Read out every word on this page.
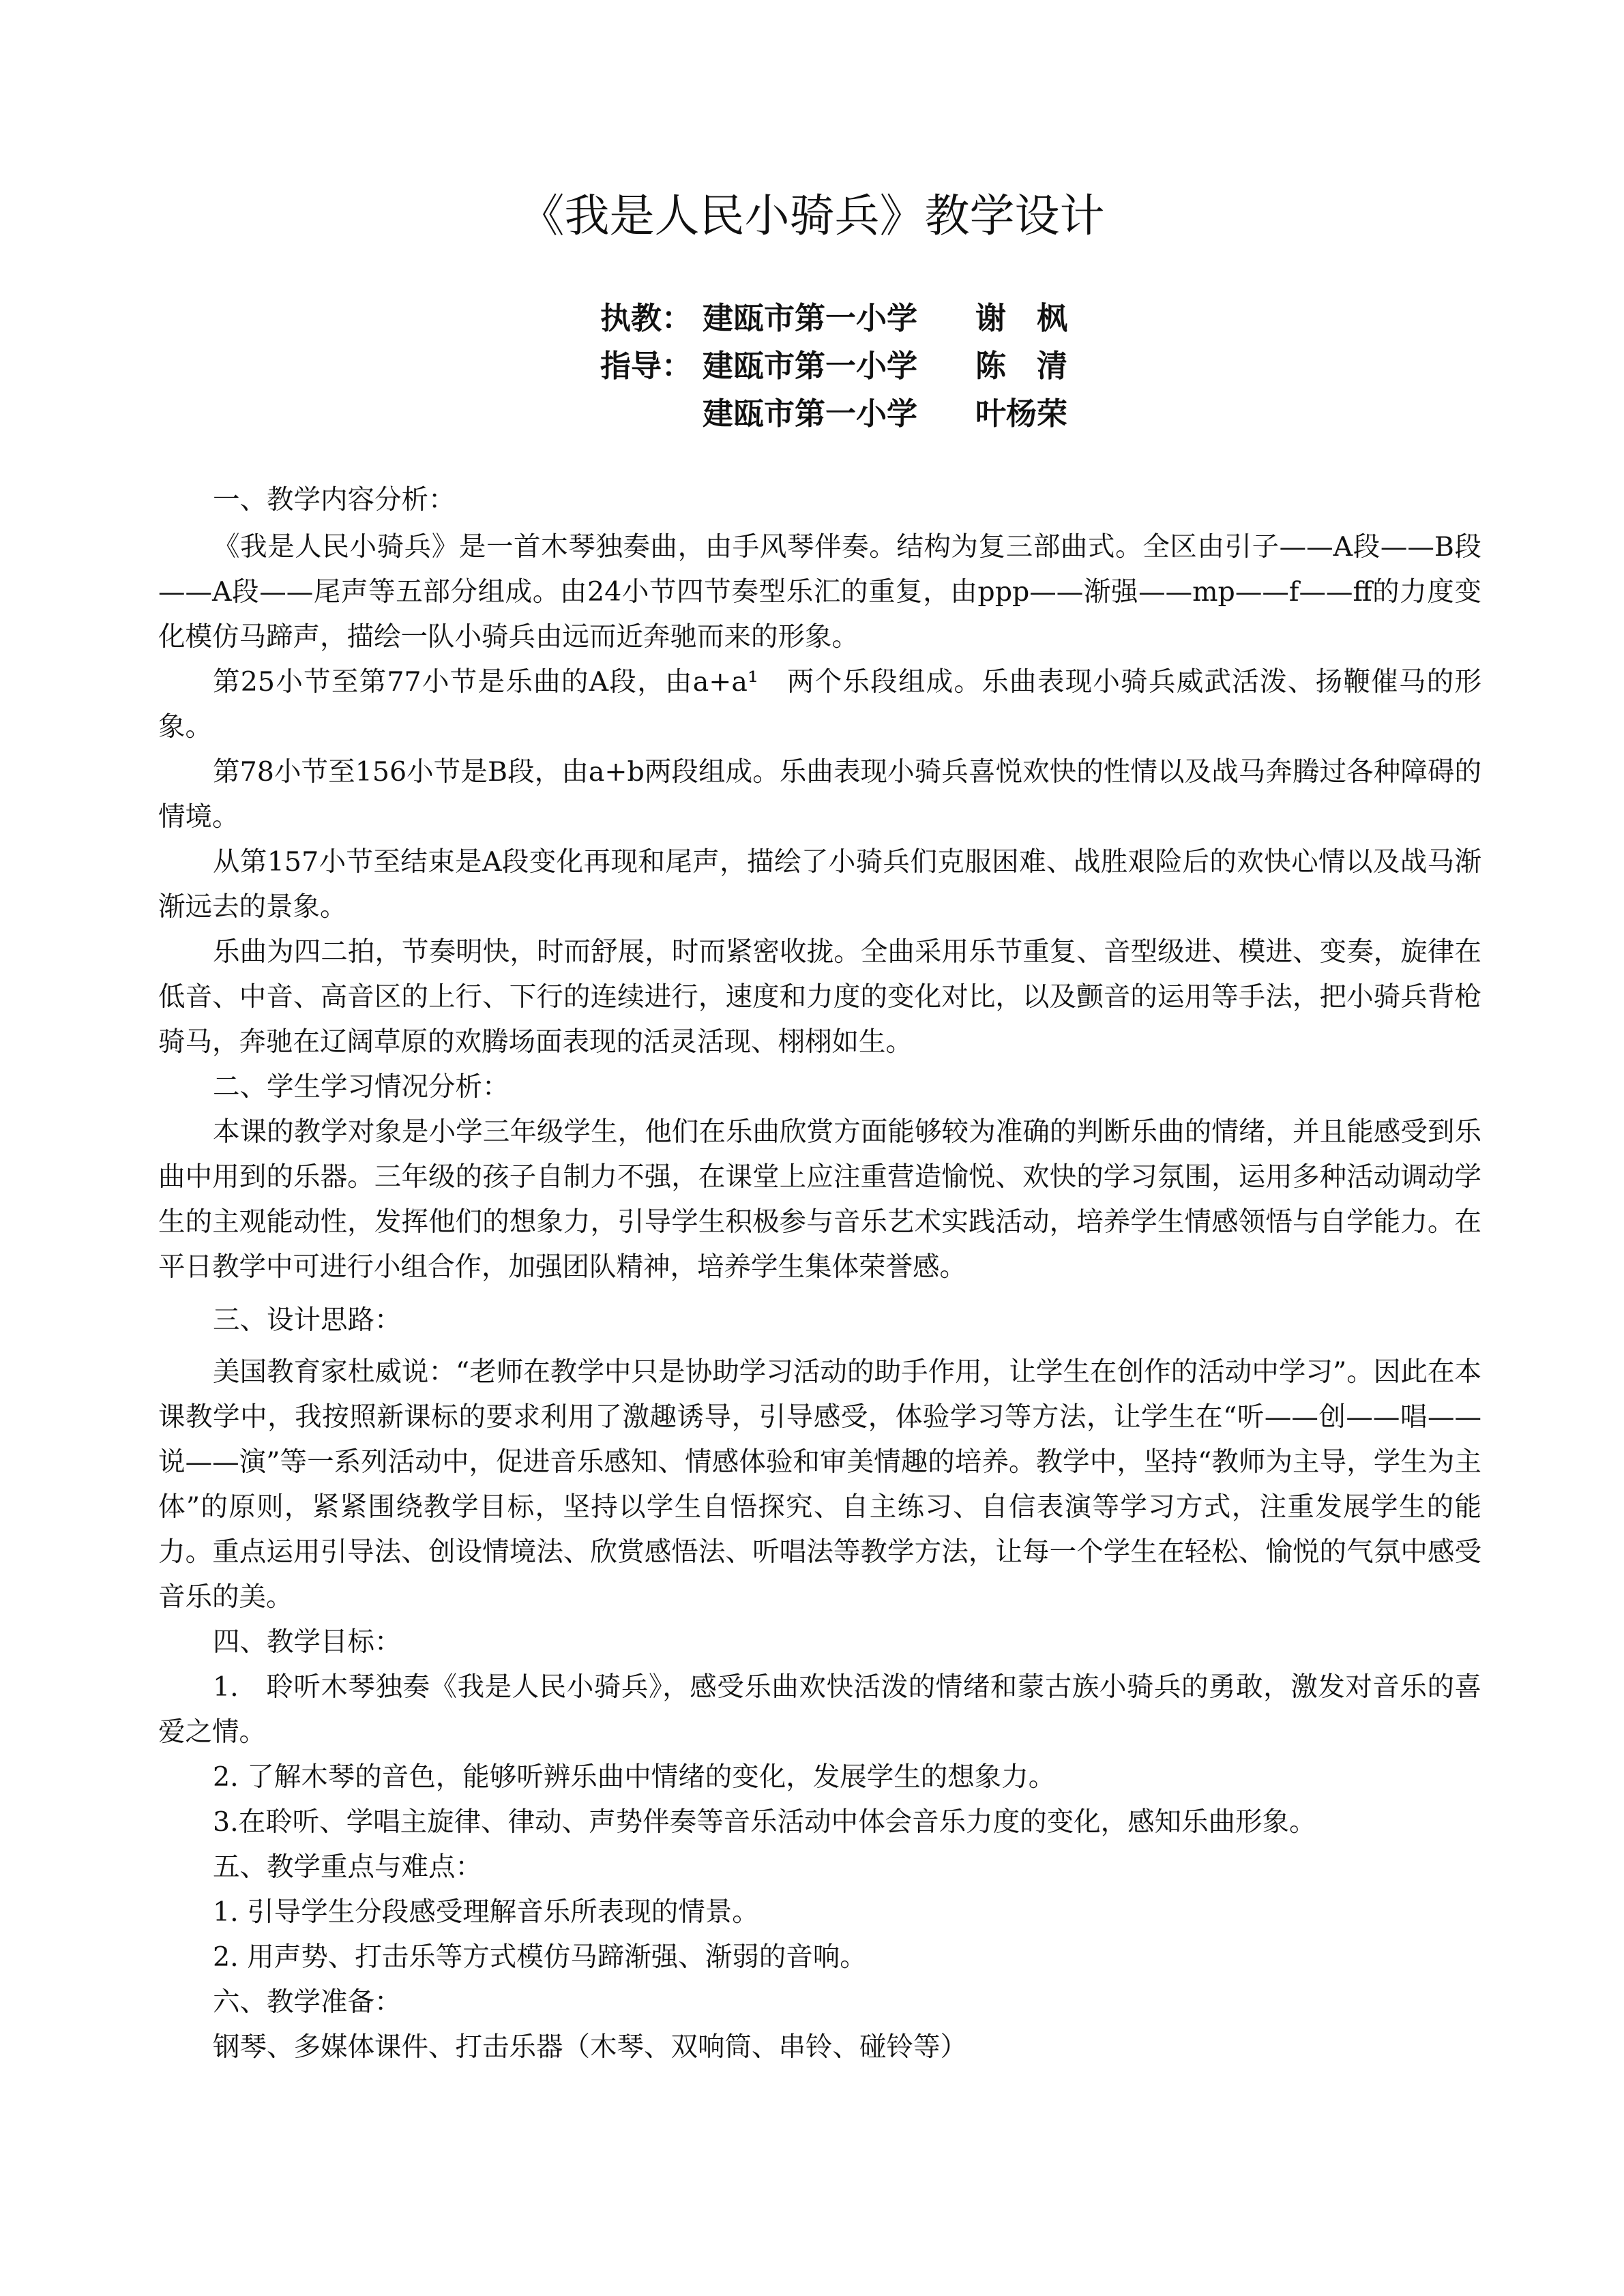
《我是人民小骑兵》教学设计
执教： 建瓯市第一小学 谢　枫
指导： 建瓯市第一小学 陈　清
建瓯市第一小学 叶杨荣

一、教学内容分析：

《我是人民小骑兵》是一首木琴独奏曲，由手风琴伴奏。结构为复三部曲式。全区由引子——A段——B段——A段——尾声等五部分组成。由24小节四节奏型乐汇的重复，由ppp——渐强——mp——f——ff的力度变化模仿马蹄声，描绘一队小骑兵由远而近奔驰而来的形象。

第25小节至第77小节是乐曲的A段，由a+a¹　两个乐段组成。乐曲表现小骑兵威武活泼、扬鞭催马的形象。

第78小节至156小节是B段，由a+b两段组成。乐曲表现小骑兵喜悦欢快的性情以及战马奔腾过各种障碍的情境。

从第157小节至结束是A段变化再现和尾声，描绘了小骑兵们克服困难、战胜艰险后的欢快心情以及战马渐渐远去的景象。

乐曲为四二拍，节奏明快，时而舒展，时而紧密收拢。全曲采用乐节重复、音型级进、模进、变奏，旋律在低音、中音、高音区的上行、下行的连续进行，速度和力度的变化对比，以及颤音的运用等手法，把小骑兵背枪骑马，奔驰在辽阔草原的欢腾场面表现的活灵活现、栩栩如生。

二、学生学习情况分析：

本课的教学对象是小学三年级学生，他们在乐曲欣赏方面能够较为准确的判断乐曲的情绪，并且能感受到乐曲中用到的乐器。三年级的孩子自制力不强，在课堂上应注重营造愉悦、欢快的学习氛围，运用多种活动调动学生的主观能动性，发挥他们的想象力，引导学生积极参与音乐艺术实践活动，培养学生情感领悟与自学能力。在平日教学中可进行小组合作，加强团队精神，培养学生集体荣誉感。

三、设计思路：

美国教育家杜威说：“老师在教学中只是协助学习活动的助手作用，让学生在创作的活动中学习”。因此在本课教学中，我按照新课标的要求利用了激趣诱导，引导感受，体验学习等方法，让学生在“听——创——唱——说——演”等一系列活动中，促进音乐感知、情感体验和审美情趣的培养。教学中，坚持“教师为主导，学生为主体”的原则，紧紧围绕教学目标，坚持以学生自悟探究、自主练习、自信表演等学习方式，注重发展学生的能力。重点运用引导法、创设情境法、欣赏感悟法、听唱法等教学方法，让每一个学生在轻松、愉悦的气氛中感受音乐的美。

四、教学目标：

1.　聆听木琴独奏《我是人民小骑兵》，感受乐曲欢快活泼的情绪和蒙古族小骑兵的勇敢，激发对音乐的喜爱之情。

2. 了解木琴的音色，能够听辨乐曲中情绪的变化，发展学生的想象力。

3.在聆听、学唱主旋律、律动、声势伴奏等音乐活动中体会音乐力度的变化，感知乐曲形象。

五、教学重点与难点：

1. 引导学生分段感受理解音乐所表现的情景。

2. 用声势、打击乐等方式模仿马蹄渐强、渐弱的音响。

六、教学准备：

钢琴、多媒体课件、打击乐器（木琴、双响筒、串铃、碰铃等）
